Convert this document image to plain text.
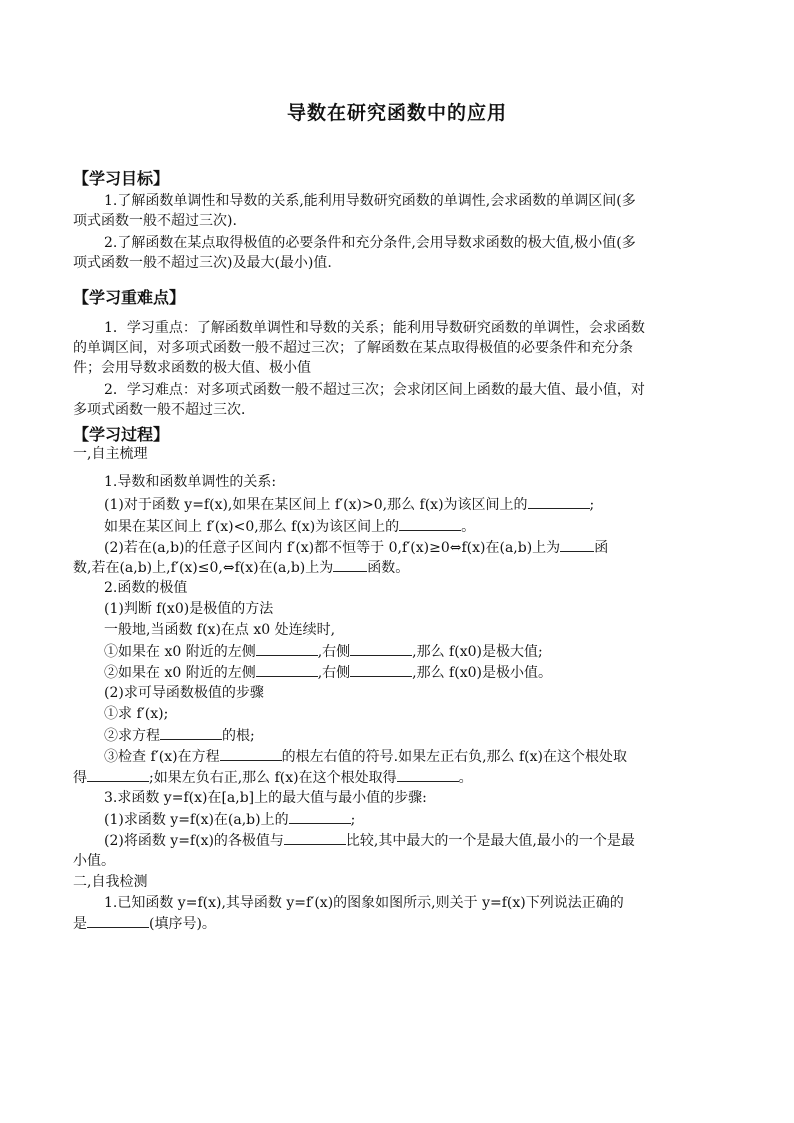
导数在研究函数中的应用
【学习目标】
1.了解函数单调性和导数的关系,能利用导数研究函数的单调性,会求函数的单调区间(多
项式函数一般不超过三次).
2.了解函数在某点取得极值的必要条件和充分条件,会用导数求函数的极大值,极小值(多
项式函数一般不超过三次)及最大(最小)值.
【学习重难点】
1．学习重点：了解函数单调性和导数的关系；能利用导数研究函数的单调性，会求函数
的单调区间，对多项式函数一般不超过三次；了解函数在某点取得极值的必要条件和充分条
件；会用导数求函数的极大值、极小值
2．学习难点：对多项式函数一般不超过三次；会求闭区间上函数的最大值、最小值，对
多项式函数一般不超过三次．
【学习过程】
一,自主梳理
1.导数和函数单调性的关系:
(1)对于函数 y=f(x),如果在某区间上 f′(x)>0,那么 f(x)为该区间上的	;
如果在某区间上 f′(x)<0,那么 f(x)为该区间上的	。
(2)若在(a,b)的任意子区间内 f′(x)都不恒等于 0,f′(x)≥0⇔f(x)在(a,b)上为 函
数,若在(a,b)上,f′(x)≤0,⇔f(x)在(a,b)上为 函数。
2.函数的极值
(1)判断 f(x0)是极值的方法
一般地,当函数 f(x)在点 x0 处连续时,
①如果在 x0 附近的左侧	,右侧	,那么 f(x0)是极大值;
②如果在 x0 附近的左侧	,右侧	,那么 f(x0)是极小值。
(2)求可导函数极值的步骤
①求 f′(x);
②求方程	的根;
③检查 f′(x)在方程	的根左右值的符号.如果左正右负,那么 f(x)在这个根处取
得	;如果左负右正,那么 f(x)在这个根处取得	。
3.求函数 y=f(x)在[a,b]上的最大值与最小值的步骤:
(1)求函数 y=f(x)在(a,b)上的	;
(2)将函数 y=f(x)的各极值与	比较,其中最大的一个是最大值,最小的一个是最
小值。
二,自我检测
1.已知函数 y=f(x),其导函数 y=f′(x)的图象如图所示,则关于 y=f(x)下列说法正确的
是	(填序号)。
